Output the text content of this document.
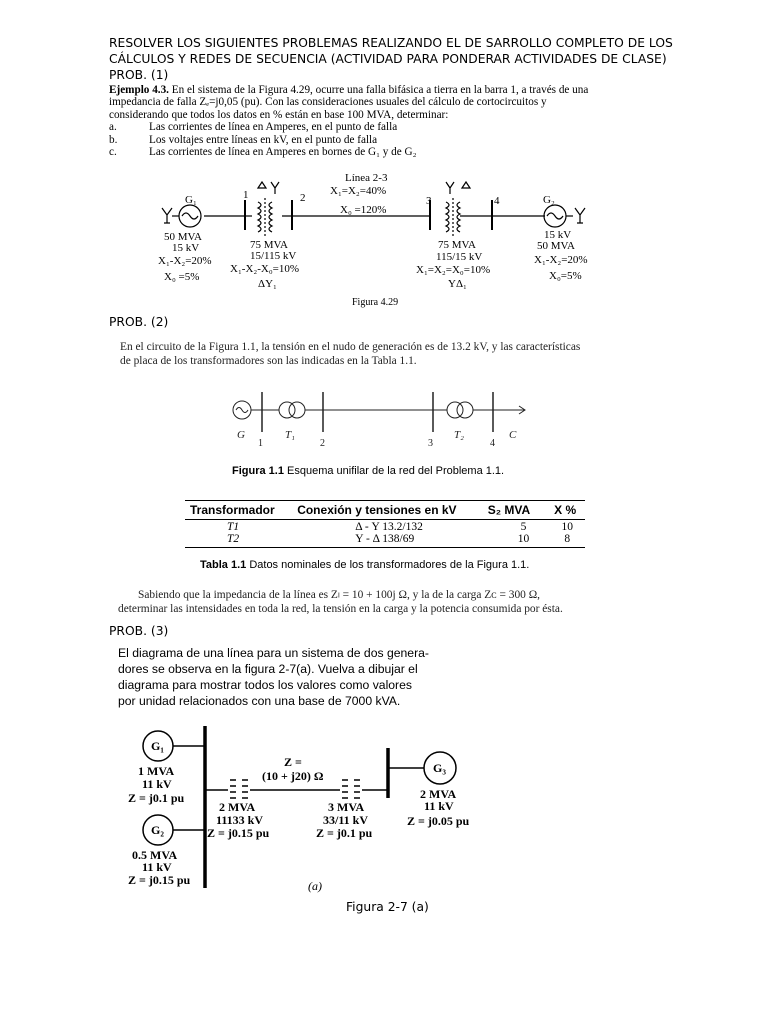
RESOLVER LOS SIGUIENTES PROBLEMAS REALIZANDO EL DE SARROLLO COMPLETO DE LOS
CÁLCULOS Y REDES DE SECUENCIA (ACTIVIDAD PARA PONDERAR ACTIVIDADES DE CLASE)
PROB. (1)
Ejemplo 4.3. En el sistema de la Figura 4.29, ocurre una falla bifásica a tierra en la barra 1, a través de una
impedancia de falla Zₑ=j0,05 (pu). Con las consideraciones usuales del cálculo de cortocircuitos y
considerando que todos los datos en % están en base 100 MVA, determinar:
a.	Las corrientes de línea en Amperes, en el punto de falla
b.	Los voltajes entre líneas en kV, en el punto de falla
c.	Las corrientes de línea en Amperes en bornes de G₁ y de G₂
G₁	G₂
1	2	3	4
Línea 2-3
X₁=X₂=40%
X₀ =120%
50 MVA
15 kV
X₁-X₂=20%
X₀ =5%
75 MVA
15/115 kV
X₁-X₂-X₀=10%
ΔY₁
75 MVA
115/15 kV
X₁=X₂=X₀=10%
YΔ₁
15 kV
50 MVA
X₁-X₂=20%
X₀=5%
Figura 4.29
PROB. (2)
En el circuito de la Figura 1.1, la tensión en el nudo de generación es de 13.2 kV, y las características
de placa de los transformadores son las indicadas en la Tabla 1.1.
G	T₁	T₂	C
1	2	3	4
Figura 1.1 Esquema unifilar de la red del Problema 1.1.
Transformador	Conexión y tensiones en kV	S₂ MVA	X %
T1	Δ - Y 13.2/132	5	10
T2	Y - Δ 138/69	10	8
Tabla 1.1 Datos nominales de los transformadores de la Figura 1.1.
Sabiendo que la impedancia de la línea es Zₗ = 10 + 100j Ω, y la de la carga Zᴄ = 300 Ω,
determinar las intensidades en toda la red, la tensión en la carga y la potencia consumida por ésta.
PROB. (3)
El diagrama de una línea para un sistema de dos genera-
dores se observa en la figura 2-7(a). Vuelva a dibujar el
diagrama para mostrar todos los valores como valores
por unidad relacionados con una base de 7000 kVA.
G₁
G₂
G₃
1 MVA
11 kV
Z = j0.1 pu
0.5 MVA
11 kV
Z = j0.15 pu
Z =
(10 + j20) Ω
2 MVA
11133 kV
Z = j0.15 pu
3 MVA
33/11 kV
Z = j0.1 pu
2 MVA
11 kV
Z = j0.05 pu
(a)
Figura 2-7 (a)
